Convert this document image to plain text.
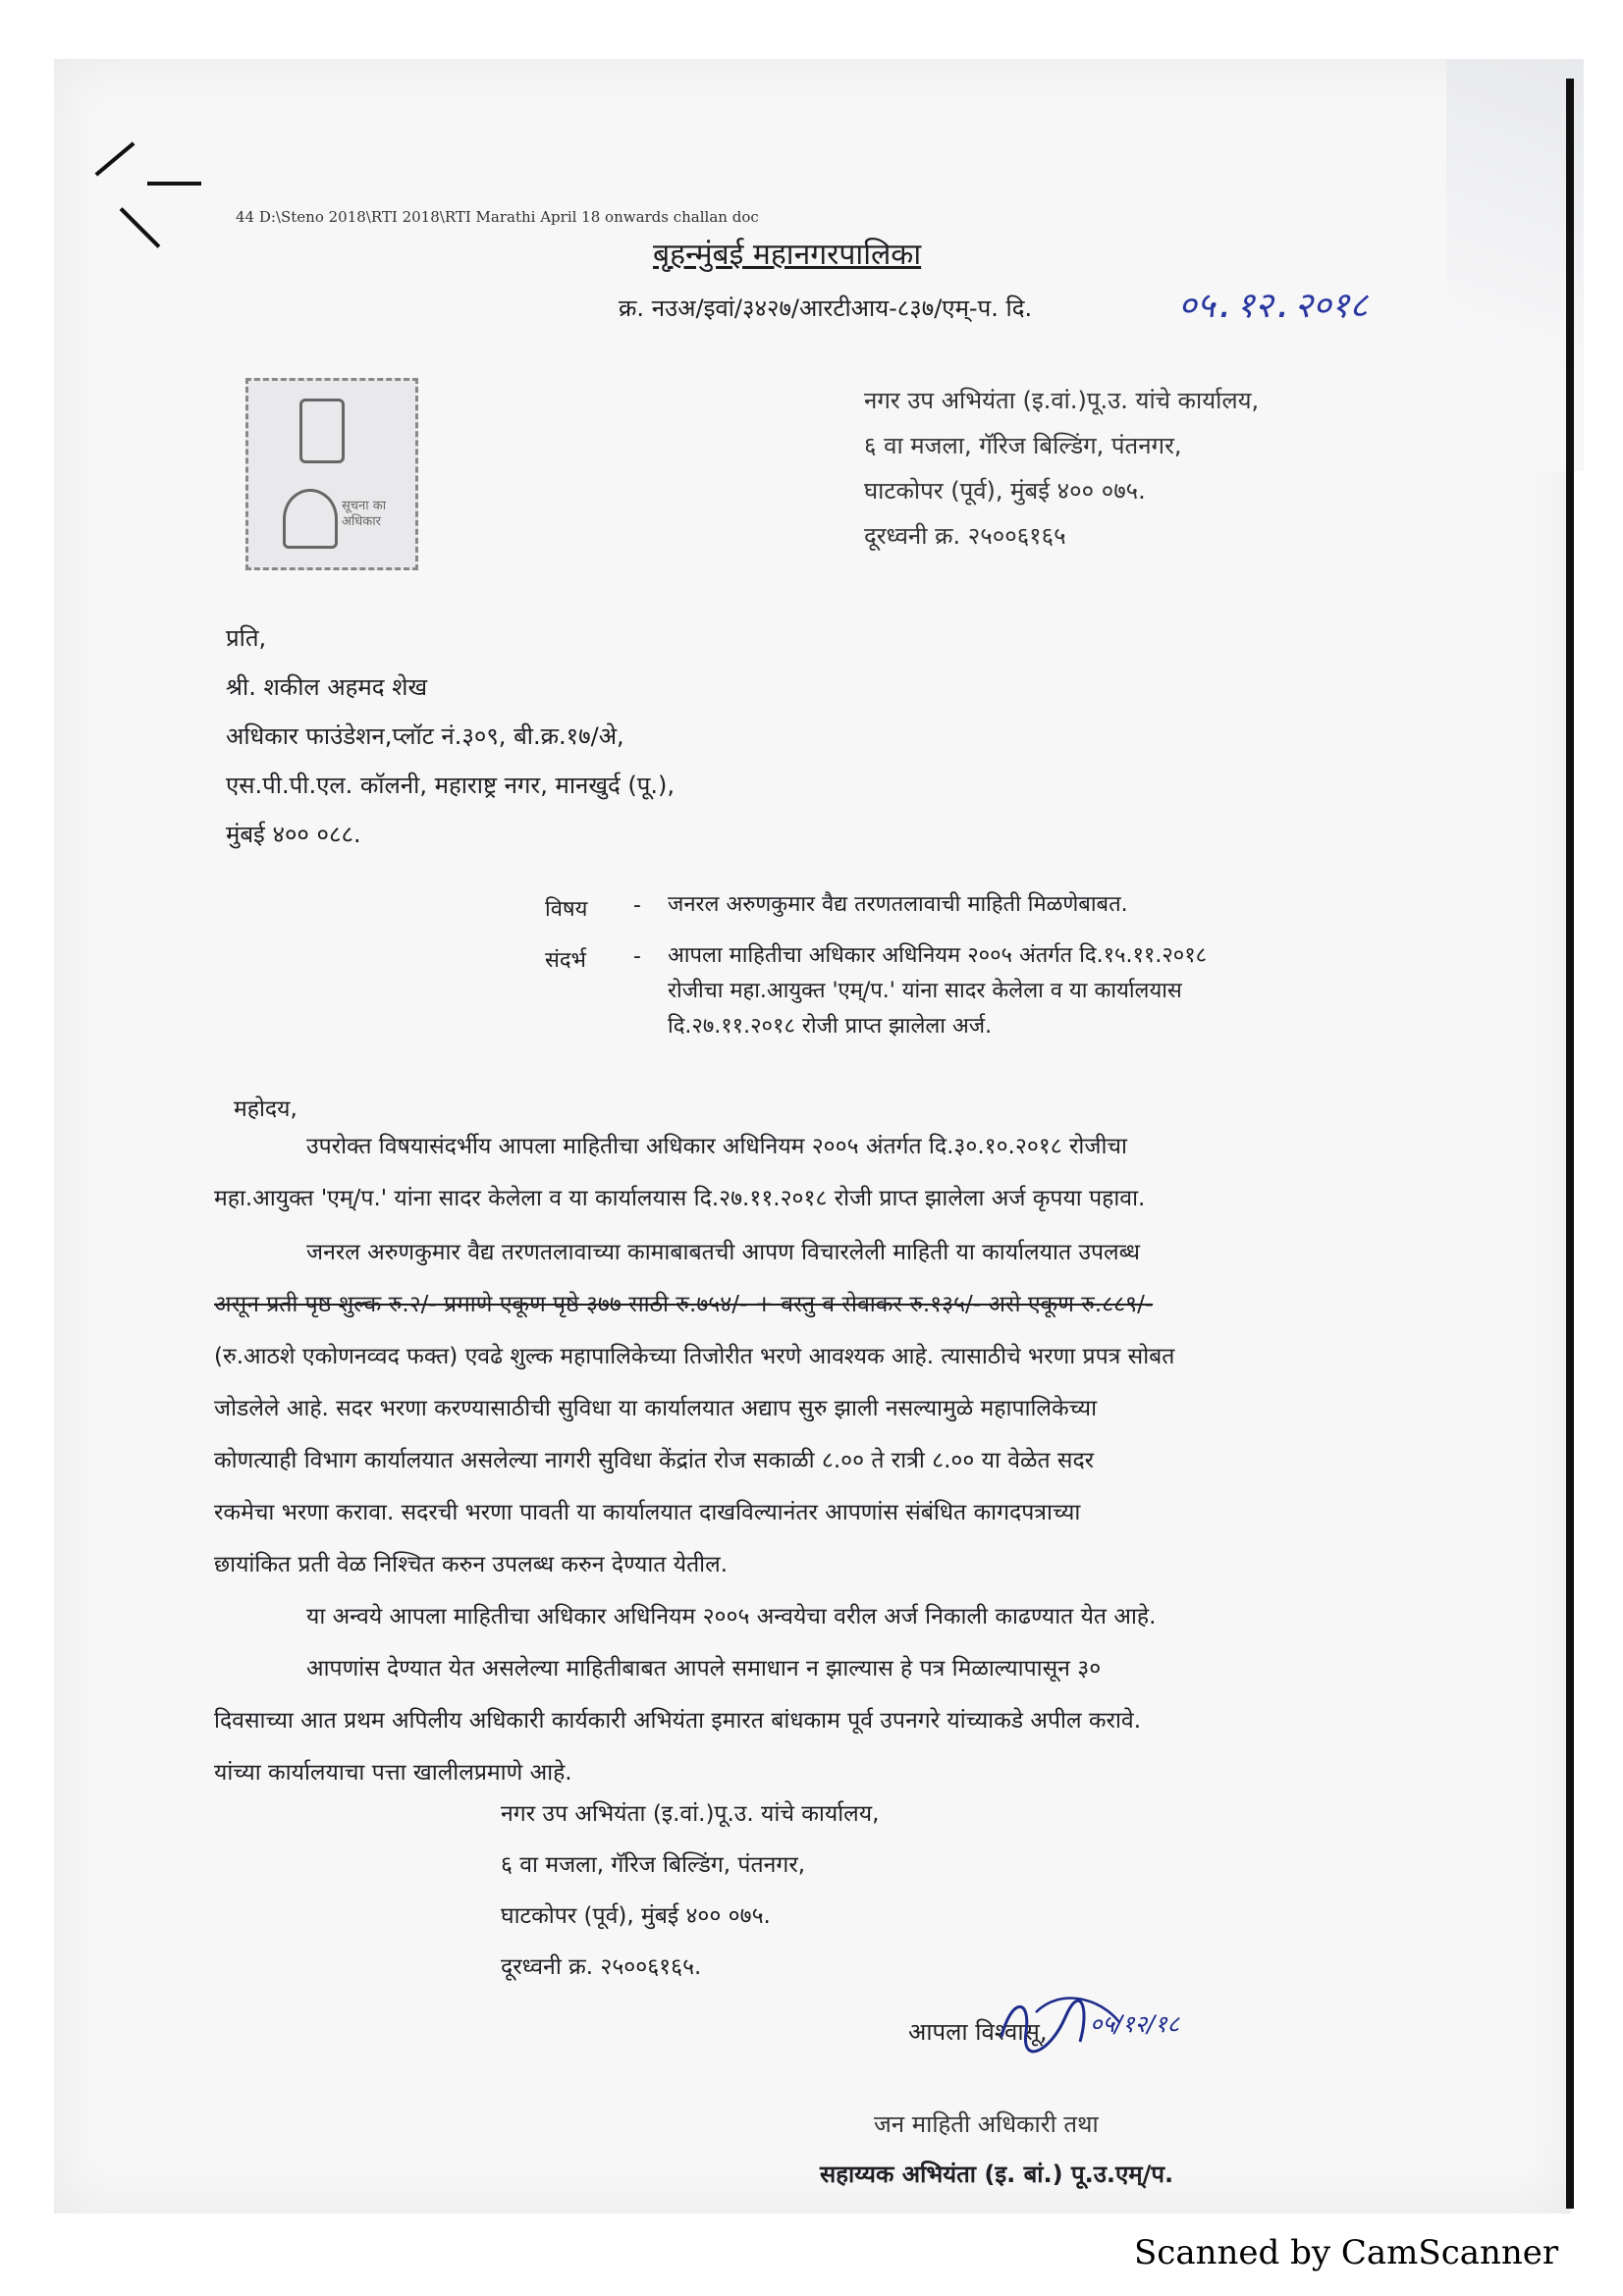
44 D:\Steno 2018\RTI 2018\RTI Marathi April 18 onwards challan doc
बृहन्मुंबई महानगरपालिका
क्र. नउअ/इवां/३४२७/आरटीआय-८३७/एम्-प. दि.	०५.१२.२०१८
सूचना का अधिकार
नगर उप अभियंता (इ.वां.)पू.उ. यांचे कार्यालय,
६ वा मजला, गॅरिज बिल्डिंग, पंतनगर,
घाटकोपर (पूर्व), मुंबई ४०० ०७५.
दूरध्वनी क्र. २५००६१६५
प्रति,
श्री. शकील अहमद शेख
अधिकार फाउंडेशन,प्लॉट नं.३०९, बी.क्र.१७/अे,
एस.पी.पी.एल. कॉलनी, महाराष्ट्र नगर, मानखुर्द (पू.),
मुंबई ४०० ०८८.
विषय - जनरल अरुणकुमार वैद्य तरणतलावाची माहिती मिळणेबाबत.
संदर्भ - आपला माहितीचा अधिकार अधिनियम २००५ अंतर्गत दि.१५.११.२०१८
रोजीचा महा.आयुक्त 'एम्/प.' यांना सादर केलेला व या कार्यालयास
दि.२७.११.२०१८ रोजी प्राप्त झालेला अर्ज.
महोदय,
उपरोक्त विषयासंदर्भीय आपला माहितीचा अधिकार अधिनियम २००५ अंतर्गत दि.३०.१०.२०१८ रोजीचा
महा.आयुक्त 'एम्/प.' यांना सादर केलेला व या कार्यालयास दि.२७.११.२०१८ रोजी प्राप्त झालेला अर्ज कृपया पहावा.
जनरल अरुणकुमार वैद्य तरणतलावाच्या कामाबाबतची आपण विचारलेली माहिती या कार्यालयात उपलब्ध
असून प्रती पृष्ठ शुल्क रु.२/- प्रमाणे एकूण पृष्ठे ३७७ साठी रु.७५४/- + वस्तु व सेवाकर रु.१३५/- असे एकूण रु.८८९/-
(रु.आठशे एकोणनव्वद फक्त) एवढे शुल्क महापालिकेच्या तिजोरीत भरणे आवश्यक आहे. त्यासाठीचे भरणा प्रपत्र सोबत
जोडलेले आहे. सदर भरणा करण्यासाठीची सुविधा या कार्यालयात अद्याप सुरु झाली नसल्यामुळे महापालिकेच्या
कोणत्याही विभाग कार्यालयात असलेल्या नागरी सुविधा केंद्रांत रोज सकाळी ८.०० ते रात्री ८.०० या वेळेत सदर
रकमेचा भरणा करावा. सदरची भरणा पावती या कार्यालयात दाखविल्यानंतर आपणांस संबंधित कागदपत्राच्या
छायांकित प्रती वेळ निश्चित करुन उपलब्ध करुन देण्यात येतील.
या अन्वये आपला माहितीचा अधिकार अधिनियम २००५ अन्वयेचा वरील अर्ज निकाली काढण्यात येत आहे.
आपणांस देण्यात येत असलेल्या माहितीबाबत आपले समाधान न झाल्यास हे पत्र मिळाल्यापासून ३०
दिवसाच्या आत प्रथम अपिलीय अधिकारी कार्यकारी अभियंता इमारत बांधकाम पूर्व उपनगरे यांच्याकडे अपील करावे.
यांच्या कार्यालयाचा पत्ता खालीलप्रमाणे आहे.
नगर उप अभियंता (इ.वां.)पू.उ. यांचे कार्यालय,
६ वा मजला, गॅरिज बिल्डिंग, पंतनगर,
घाटकोपर (पूर्व), मुंबई ४०० ०७५.
दूरध्वनी क्र. २५००६१६५.
आपला विश्वासू, ०५/१२/१८
जन माहिती अधिकारी तथा
सहाय्यक अभियंता (इ. बां.) पू.उ.एम्/प.
Scanned by CamScanner
